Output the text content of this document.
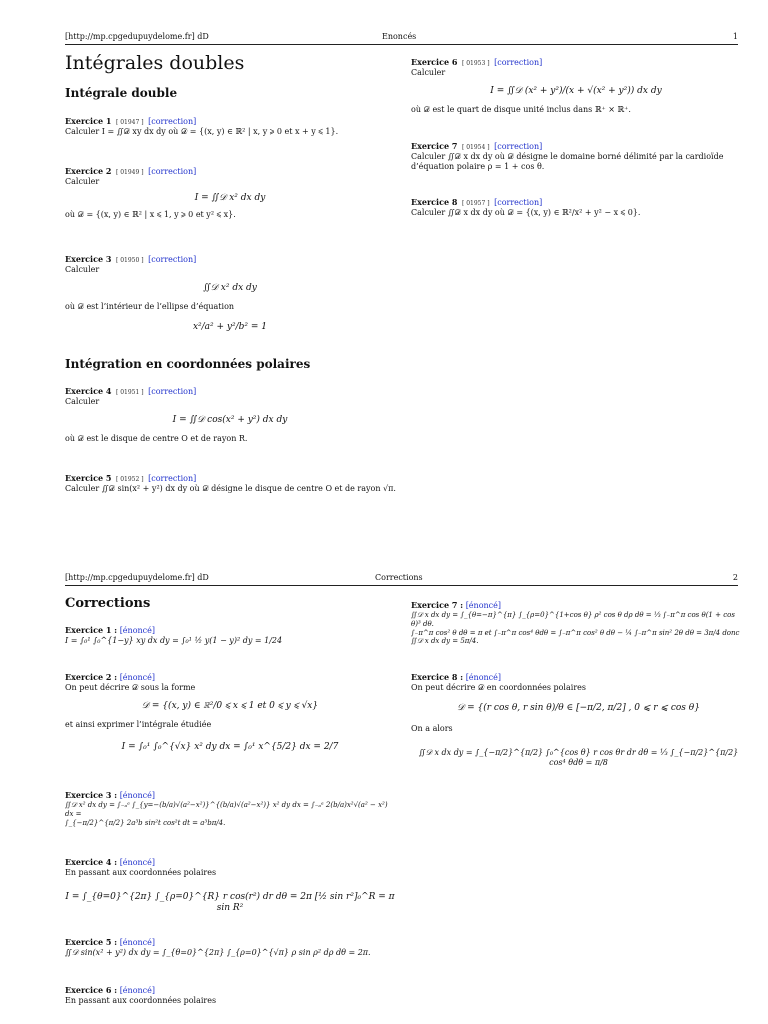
[http://mp.cpgedupuydelome.fr] dD	Enoncés	1
Intégrales doubles
Intégrale double
Exercice 1 [ 01947 ] [correction]
Calculer I = ∬𝒟 xy dx dy où 𝒟 = {(x, y) ∈ ℝ² | x, y ⩾ 0 et x + y ⩽ 1}.
Exercice 2 [ 01949 ] [correction]
Calculer
I = ∬𝒟 x² dx dy
où 𝒟 = {(x, y) ∈ ℝ² | x ⩽ 1, y ⩾ 0 et y² ⩽ x}.
Exercice 3 [ 01950 ] [correction]
Calculer
∬𝒟 x² dx dy
où 𝒟 est l’intérieur de l’ellipse d’équation
x²/a² + y²/b² = 1
Intégration en coordonnées polaires
Exercice 4 [ 01951 ] [correction]
Calculer
I = ∬𝒟 cos(x² + y²) dx dy
où 𝒟 est le disque de centre O et de rayon R.
Exercice 5 [ 01952 ] [correction]
Calculer ∬𝒟 sin(x² + y²) dx dy où 𝒟 désigne le disque de centre O et de rayon √π.
Exercice 6 [ 01953 ] [correction]
Calculer
I = ∬𝒟 (x² + y²)/(x + √(x² + y²)) dx dy
où 𝒟 est le quart de disque unité inclus dans ℝ⁺ × ℝ⁺.
Exercice 7 [ 01954 ] [correction]
Calculer ∬𝒟 x dx dy où 𝒟 désigne le domaine borné délimité par la cardioïde d’équation polaire ρ = 1 + cos θ.
Exercice 8 [ 01957 ] [correction]
Calculer ∬𝒟 x dx dy où 𝒟 = {(x, y) ∈ ℝ²/x² + y² − x ⩽ 0}.
[http://mp.cpgedupuydelome.fr] dD	Corrections	2
Corrections
Exercice 1 : [énoncé]
I = ∫₀¹ ∫₀^{1−y} xy dx dy = ∫₀¹ ½ y(1 − y)² dy = 1/24
Exercice 2 : [énoncé]
On peut décrire 𝒟 sous la forme
𝒟 = {(x, y) ∈ ℝ²/0 ⩽ x ⩽ 1 et 0 ⩽ y ⩽ √x}
et ainsi exprimer l’intégrale étudiée
I = ∫₀¹ ∫₀^{√x} x² dy dx = ∫₀¹ x^{5/2} dx = 2/7
Exercice 3 : [énoncé]
∬𝒟 x² dx dy = ∫₋ₐᵃ ∫_{y=−(b/a)√(a²−x²)}^{(b/a)√(a²−x²)} x² dy dx = ∫₋ₐᵃ 2(b/a)x²√(a² − x²) dx =
∫_{−π/2}^{π/2} 2a³b sin²t cos²t dt = a³bπ/4.
Exercice 4 : [énoncé]
En passant aux coordonnées polaires
I = ∫_{θ=0}^{2π} ∫_{ρ=0}^{R} r cos(r²) dr dθ = 2π [½ sin r²]₀^R = π sin R²
Exercice 5 : [énoncé]
∬𝒟 sin(x² + y²) dx dy = ∫_{θ=0}^{2π} ∫_{ρ=0}^{√π} ρ sin ρ² dρ dθ = 2π.
Exercice 6 : [énoncé]
En passant aux coordonnées polaires
Exercice 7 : [énoncé]
∬𝒟 x dx dy = ∫_{θ=−π}^{π} ∫_{ρ=0}^{1+cos θ} ρ² cos θ dρ dθ = ⅓ ∫₋π^π cos θ(1 + cos θ)³ dθ.
∫₋π^π cos² θ dθ = π et ∫₋π^π cos⁴ θdθ = ∫₋π^π cos² θ dθ − ¼ ∫₋π^π sin² 2θ dθ = 3π/4 donc
∬𝒟 x dx dy = 5π/4.
Exercice 8 : [énoncé]
On peut décrire 𝒟 en coordonnées polaires
𝒟 = {(r cos θ, r sin θ)/θ ∈ [−π/2, π/2] , 0 ⩽ r ⩽ cos θ}
On a alors
∬𝒟 x dx dy = ∫_{−π/2}^{π/2} ∫₀^{cos θ} r cos θr dr dθ = ⅓ ∫_{−π/2}^{π/2} cos⁴ θdθ = π/8
